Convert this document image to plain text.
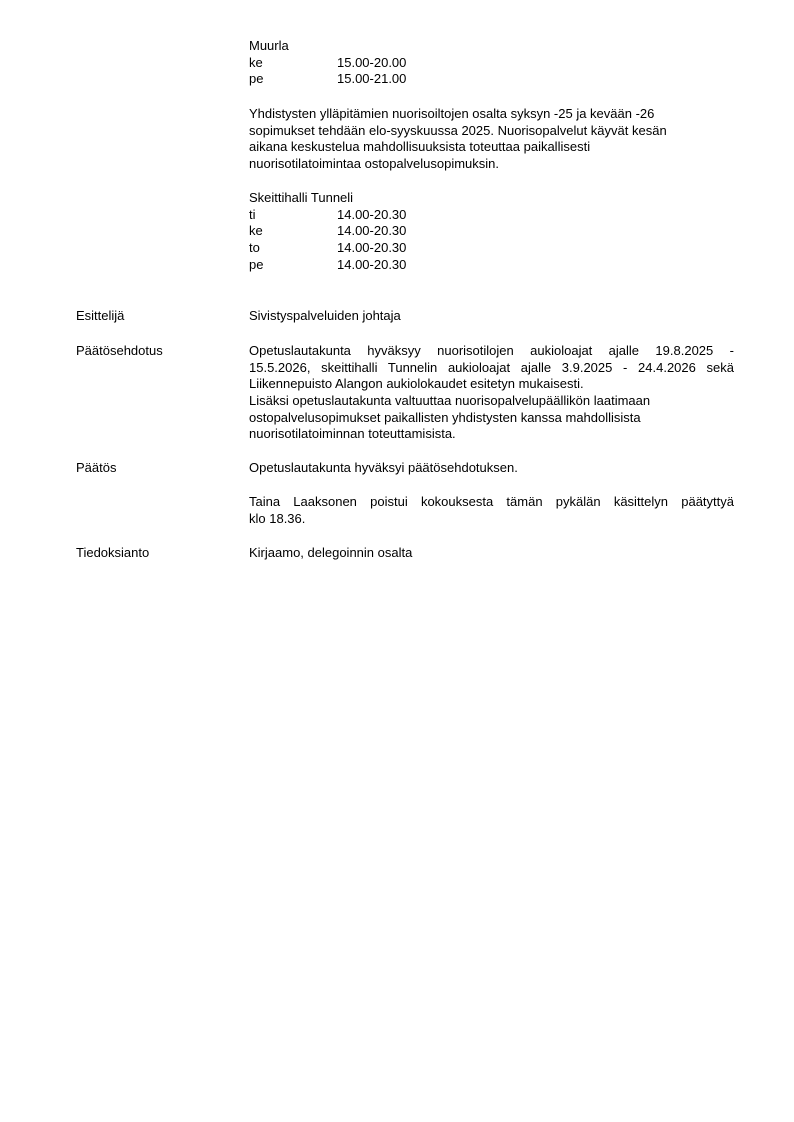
Muurla
ke	15.00-20.00
pe	15.00-21.00
Yhdistysten ylläpitämien nuorisoiltojen osalta syksyn -25 ja kevään -26
sopimukset tehdään elo-syyskuussa 2025. Nuorisopalvelut käyvät kesän
aikana keskustelua mahdollisuuksista toteuttaa paikallisesti
nuorisotilatoimintaa ostopalvelusopimuksin.
Skeittihalli Tunneli
ti	14.00-20.30
ke	14.00-20.30
to	14.00-20.30
pe	14.00-20.30
Esittelijä	Sivistyspalveluiden johtaja
Päätösehdotus	Opetuslautakunta hyväksyy nuorisotilojen aukioloajat ajalle 19.8.2025 -
15.5.2026, skeittihalli Tunnelin aukioloajat ajalle 3.9.2025 - 24.4.2026 sekä
Liikennepuisto Alangon aukiolokaudet esitetyn mukaisesti.
Lisäksi opetuslautakunta valtuuttaa nuorisopalvelupäällikön laatimaan
ostopalvelusopimukset paikallisten yhdistysten kanssa mahdollisista
nuorisotilatoiminnan toteuttamisista.
Päätös	Opetuslautakunta hyväksyi päätösehdotuksen.
Taina Laaksonen poistui kokouksesta tämän pykälän käsittelyn päätyttyä
klo 18.36.
Tiedoksianto	Kirjaamo, delegoinnin osalta
